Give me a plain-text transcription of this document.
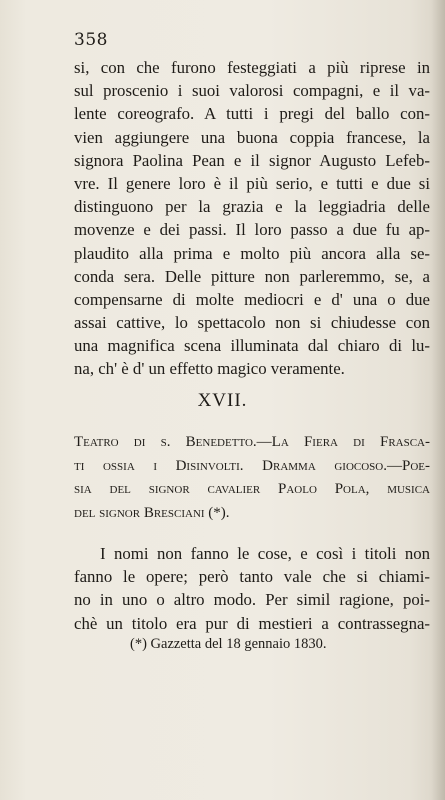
358
si, con che furono festeggiati a più riprese in
sul proscenio i suoi valorosi compagni, e il va-
lente coreografo. A tutti i pregi del ballo con-
vien aggiungere una buona coppia francese, la
signora Paolina Pean e il signor Augusto Lefeb-
vre. Il genere loro è il più serio, e tutti e due si
distinguono per la grazia e la leggiadria delle
movenze e dei passi. Il loro passo a due fu ap-
plaudito alla prima e molto più ancora alla se-
conda sera. Delle pitture non parleremmo, se, a
compensarne di molte mediocri e d' una o due
assai cattive, lo spettacolo non si chiudesse con
una magnifica scena illuminata dal chiaro di lu-
na, ch' è d' un effetto magico veramente.
XVII.
Teatro di s. Benedetto.—La Fiera di Frasca-
ti ossia i Disinvolti. Dramma giocoso.—Poe-
sia del signor cavalier Paolo Pola, musica
del signor Bresciani (*).
I nomi non fanno le cose, e così i titoli non
fanno le opere; però tanto vale che si chiami-
no in uno o altro modo. Per simil ragione, poi-
chè un titolo era pur di mestieri a contrassegna-
(*) Gazzetta del 18 gennaio 1830.
